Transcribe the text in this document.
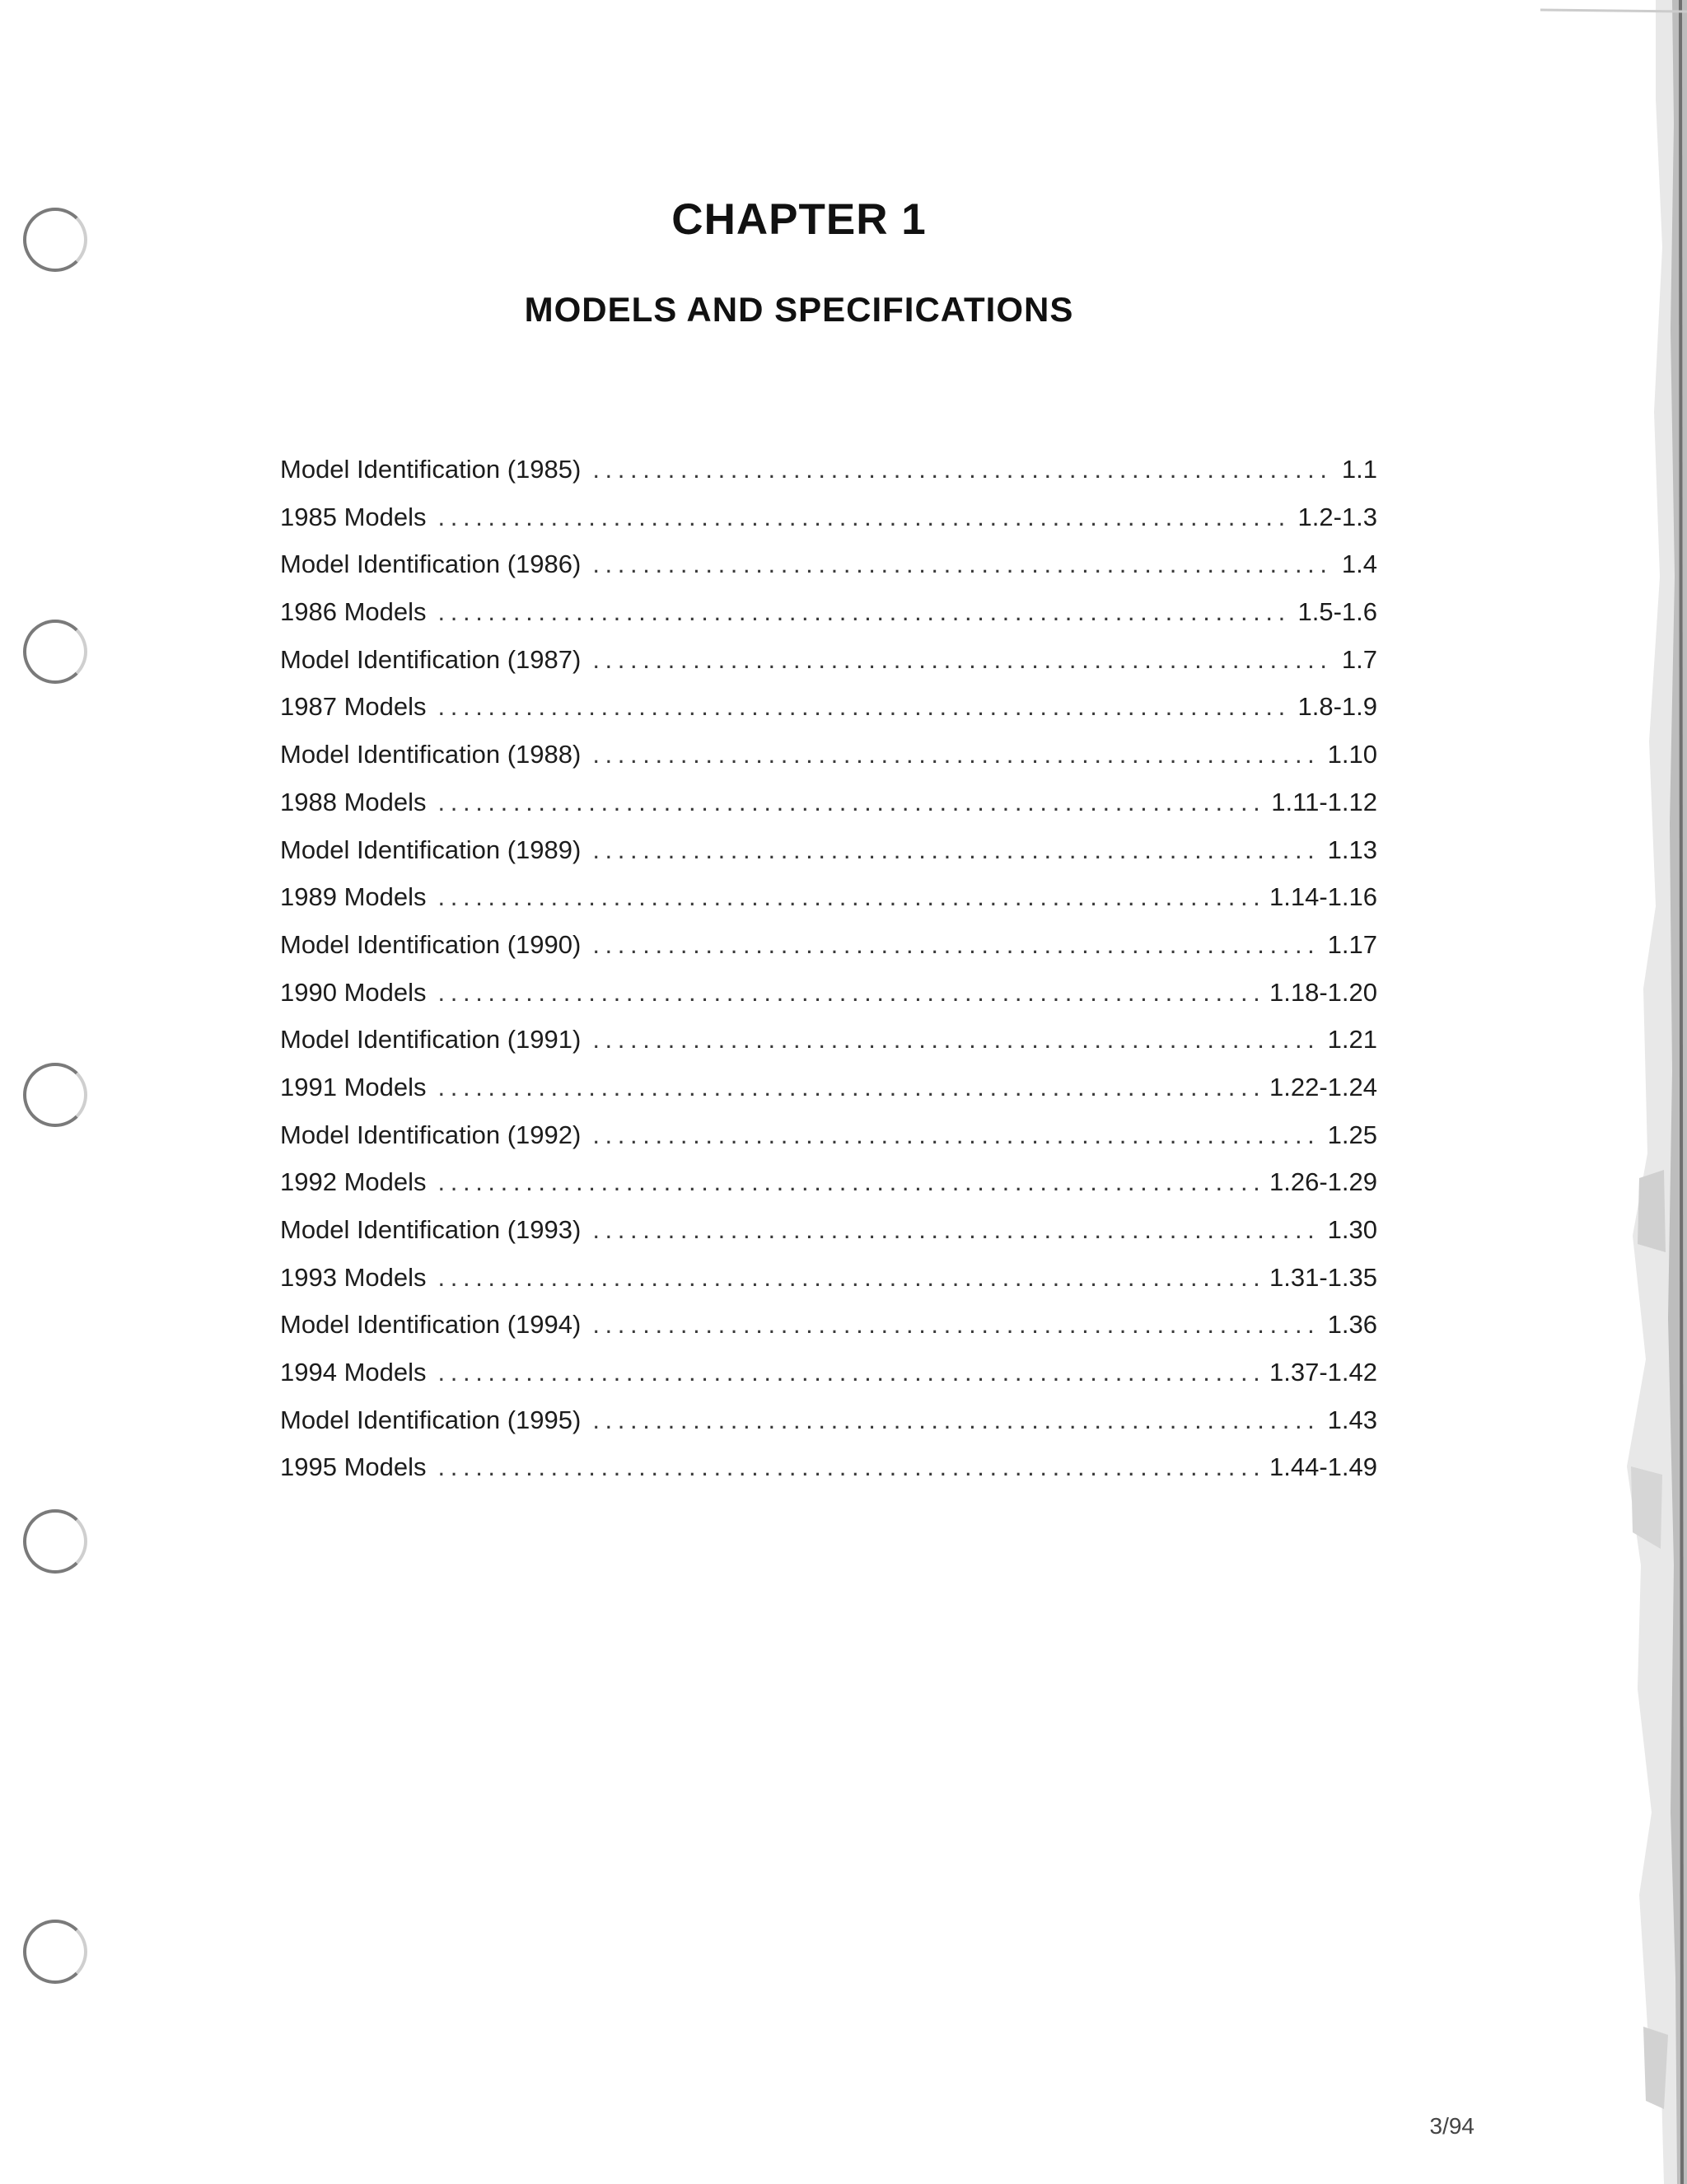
CHAPTER 1
MODELS AND SPECIFICATIONS
Model Identification (1985) . . .	1.1
1985 Models . . .	1.2-1.3
Model Identification (1986) . . .	1.4
1986 Models . . .	1.5-1.6
Model Identification (1987) . . .	1.7
1987 Models . . .	1.8-1.9
Model Identification (1988) . . .	1.10
1988 Models . . .	1.11-1.12
Model Identification (1989) . . .	1.13
1989 Models . . .	1.14-1.16
Model Identification (1990) . . .	1.17
1990 Models . . .	1.18-1.20
Model Identification (1991) . . .	1.21
1991 Models . . .	1.22-1.24
Model Identification (1992) . . .	1.25
1992 Models . . .	1.26-1.29
Model Identification (1993) . . .	1.30
1993 Models . . .	1.31-1.35
Model Identification (1994) . . .	1.36
1994 Models . . .	1.37-1.42
Model Identification (1995) . . .	1.43
1995 Models . . .	1.44-1.49
3/94
